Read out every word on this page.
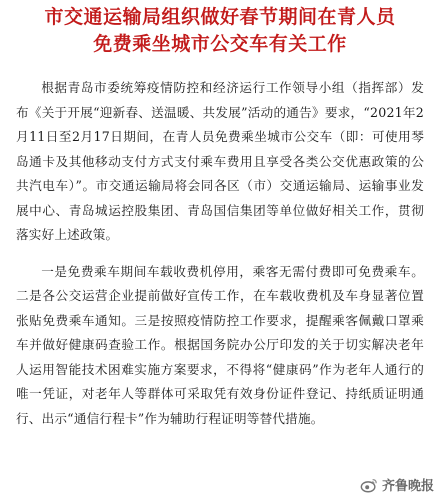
市交通运输局组织做好春节期间在青人员
免费乘坐城市公交车有关工作

根据青岛市委统筹疫情防控和经济运行工作领导小组（指挥部）发布《关于开展“迎新春、送温暖、共发展”活动的通告》要求，“2021年2月11日至2月17日期间，在青人员免费乘坐城市公交车（即：可使用琴岛通卡及其他移动支付方式支付乘车费用且享受各类公交优惠政策的公共汽电车）”。市交通运输局将会同各区（市）交通运输局、运输事业发展中心、青岛城运控股集团、青岛国信集团等单位做好相关工作，贯彻落实好上述政策。

一是免费乘车期间车载收费机停用，乘客无需付费即可免费乘车。二是各公交运营企业提前做好宣传工作，在车载收费机及车身显著位置张贴免费乘车通知。三是按照疫情防控工作要求，提醒乘客佩戴口罩乘车并做好健康码查验工作。根据国务院办公厅印发的关于切实解决老年人运用智能技术困难实施方案要求，不得将“健康码”作为老年人通行的唯一凭证，对老年人等群体可采取凭有效身份证件登记、持纸质证明通行、出示“通信行程卡”作为辅助行程证明等替代措施。

齐鲁晚报
